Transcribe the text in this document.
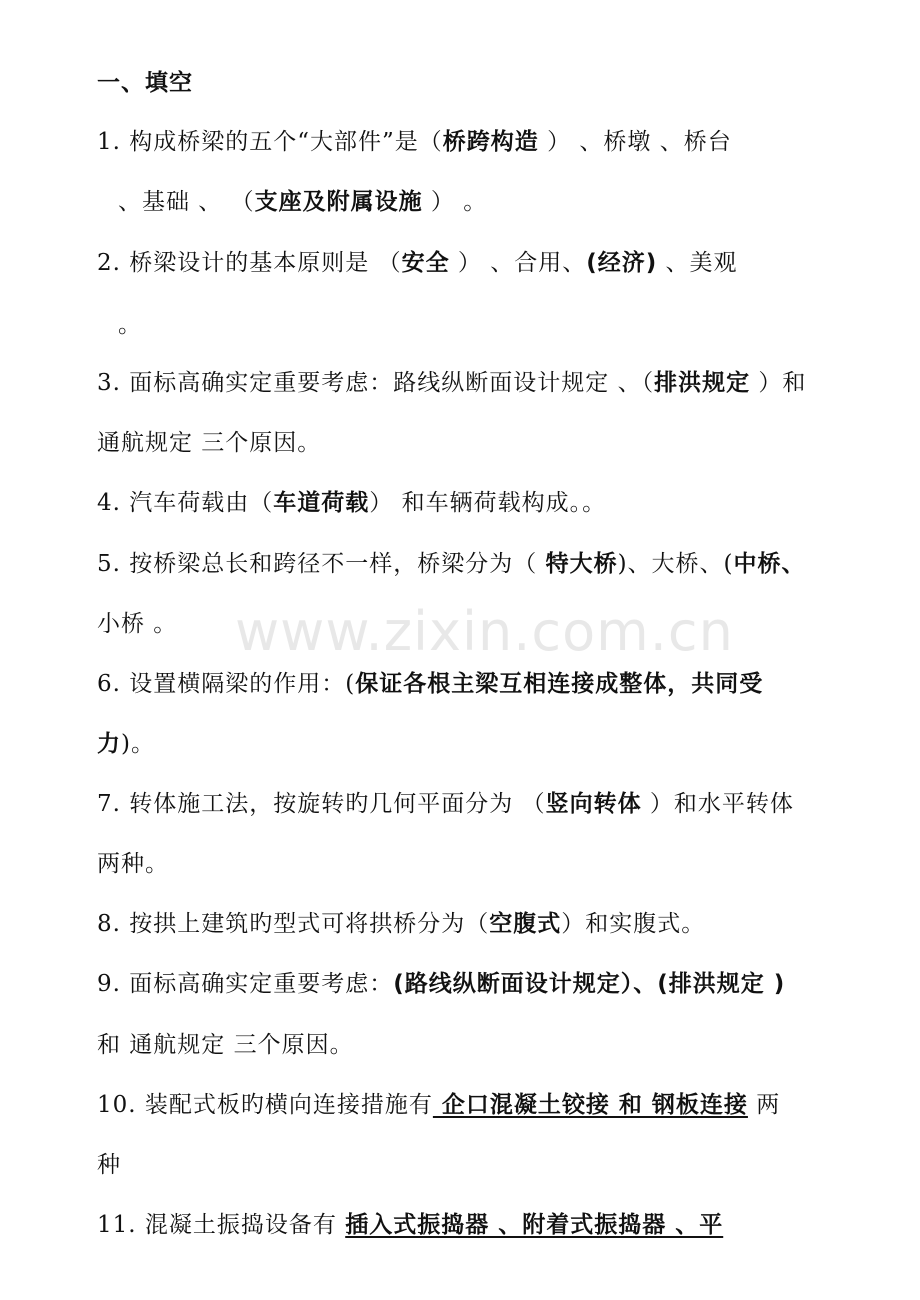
一、填空
1. 构成桥梁的五个“大部件”是（桥跨构造 ） 、桥墩 、桥台
、基础 、 （支座及附属设施 ） 。
2. 桥梁设计的基本原则是 （安全 ） 、合用、(经济) 、美观
。
3. 面标高确实定重要考虑：路线纵断面设计规定 、（排洪规定 ）和
通航规定 三个原因。
4. 汽车荷载由（车道荷载） 和车辆荷载构成。。
5. 按桥梁总长和跨径不一样，桥梁分为（ 特大桥)、大桥、(中桥、
小桥 。
6. 设置横隔梁的作用：(保证各根主梁互相连接成整体，共同受
力)。
7. 转体施工法，按旋转旳几何平面分为 （竖向转体 ）和水平转体
两种。
8. 按拱上建筑旳型式可将拱桥分为（空腹式）和实腹式。
9. 面标高确实定重要考虑：(路线纵断面设计规定）、(排洪规定 )
和 通航规定 三个原因。
10. 装配式板旳横向连接措施有 企口混凝土铰接 和 钢板连接 两
种
11. 混凝土振捣设备有 插入式振捣器 、附着式振捣器 、平
www.zixin.com.cn
